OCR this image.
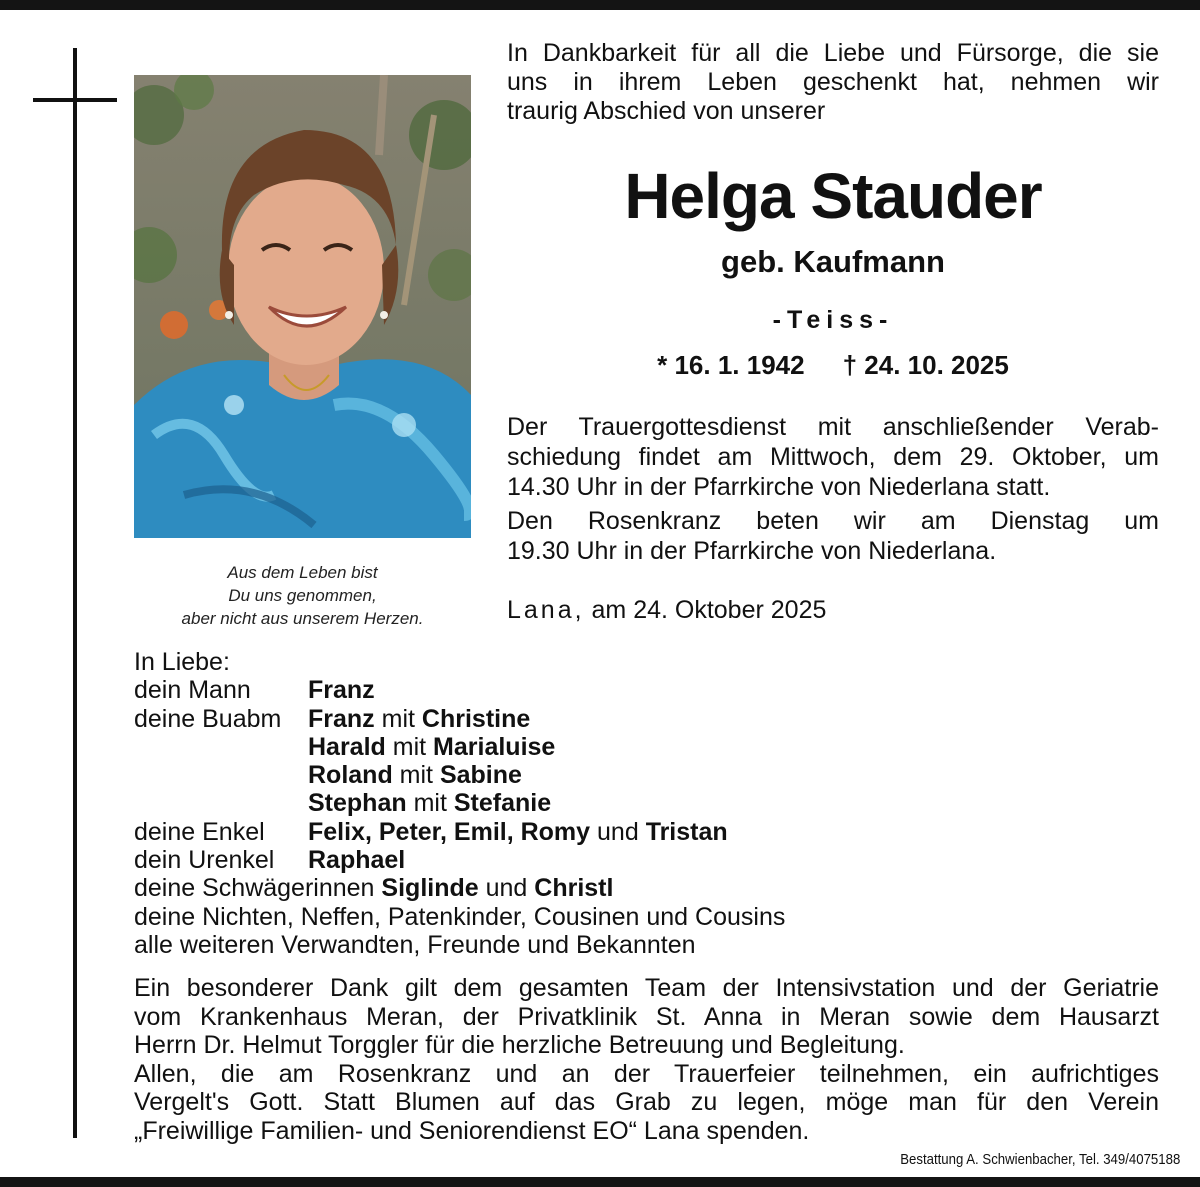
Aus dem Leben bist
Du uns genommen,
aber nicht aus unserem Herzen.
In Dankbarkeit für all die Liebe und Fürsorge, die sie
uns in ihrem Leben geschenkt hat, nehmen wir
traurig Abschied von unserer
Helga Stauder
geb. Kaufmann
-Teiss-
* 16. 1. 1942 † 24. 10. 2025
Der Trauergottesdienst mit anschließender Verab-
schiedung findet am Mittwoch, dem 29. Oktober, um
14.30 Uhr in der Pfarrkirche von Niederlana statt.
Den Rosenkranz beten wir am Dienstag um
19.30 Uhr in der Pfarrkirche von Niederlana.
Lana, am 24. Oktober 2025
In Liebe:
dein Mann Franz
deine Buabm Franz mit Christine
Harald mit Marialuise
Roland mit Sabine
Stephan mit Stefanie
deine Enkel Felix, Peter, Emil, Romy und Tristan
dein Urenkel Raphael
deine Schwägerinnen Siglinde und Christl
deine Nichten, Neffen, Patenkinder, Cousinen und Cousins
alle weiteren Verwandten, Freunde und Bekannten
Ein besonderer Dank gilt dem gesamten Team der Intensivstation und der Geriatrie
vom Krankenhaus Meran, der Privatklinik St. Anna in Meran sowie dem Hausarzt
Herrn Dr. Helmut Torggler für die herzliche Betreuung und Begleitung.
Allen, die am Rosenkranz und an der Trauerfeier teilnehmen, ein aufrichtiges
Vergelt's Gott. Statt Blumen auf das Grab zu legen, möge man für den Verein
„Freiwillige Familien- und Seniorendienst EO“ Lana spenden.
Bestattung A. Schwienbacher, Tel. 349/4075188
